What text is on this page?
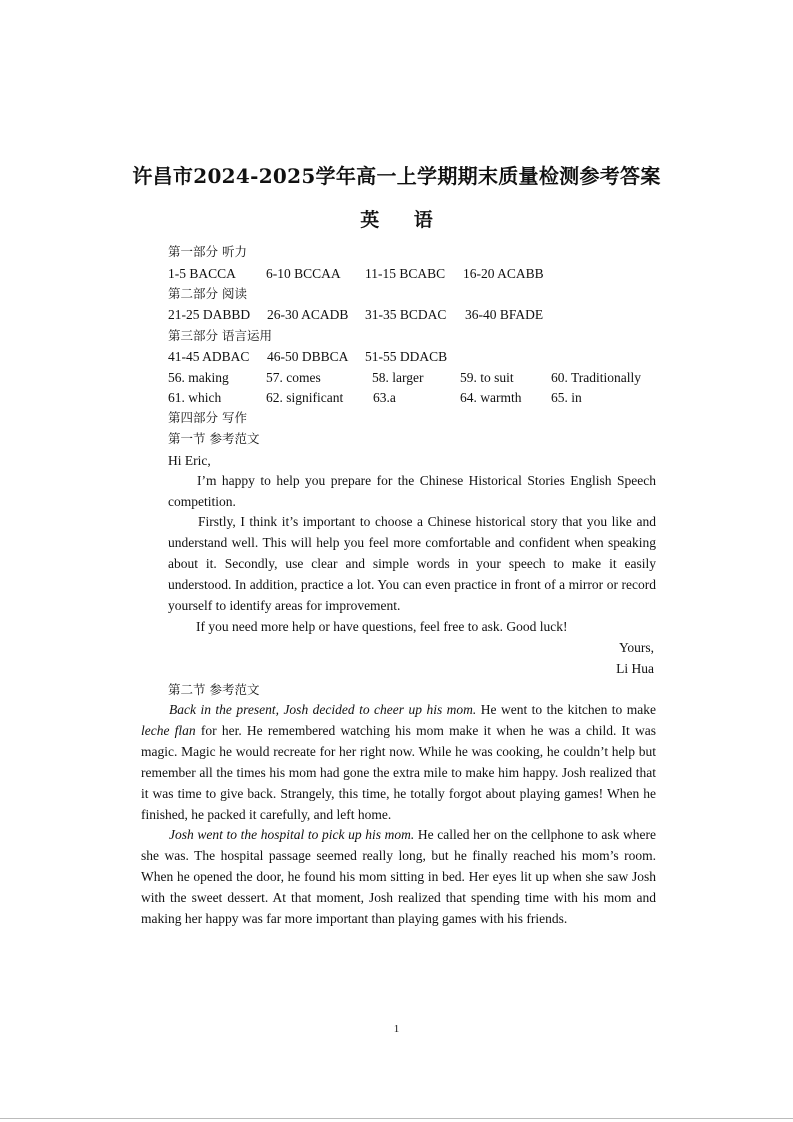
许昌市2024-2025学年高一上学期期末质量检测参考答案
英 语
第一部分 听力
1-5 BACCA 6-10 BCCAA 11-15 BCABC 16-20 ACABB
第二部分 阅读
21-25 DABBD 26-30 ACADB 31-35 BCDAC 36-40 BFADE
第三部分 语言运用
41-45 ADBAC 46-50 DBBCA 51-55 DDACB
56. making	57. comes	58. larger	59. to suit	60. Traditionally
61. which	62. significant 63.a	64. warmth 65. in
第四部分 写作
第一节 参考范文
Hi Eric,
I’m happy to help you prepare for the Chinese Historical Stories English Speech competition.
Firstly, I think it’s important to choose a Chinese historical story that you like and understand well. This will help you feel more comfortable and confident when speaking about it. Secondly, use clear and simple words in your speech to make it easily understood. In addition, practice a lot. You can even practice in front of a mirror or record yourself to identify areas for improvement.
If you need more help or have questions, feel free to ask. Good luck!
Yours,
Li Hua
第二节 参考范文
Back in the present, Josh decided to cheer up his mom. He went to the kitchen to make leche flan for her. He remembered watching his mom make it when he was a child. It was magic. Magic he would recreate for her right now. While he was cooking, he couldn’t help but remember all the times his mom had gone the extra mile to make him happy. Josh realized that it was time to give back. Strangely, this time, he totally forgot about playing games! When he finished, he packed it carefully, and left home.
Josh went to the hospital to pick up his mom. He called her on the cellphone to ask where she was. The hospital passage seemed really long, but he finally reached his mom’s room. When he opened the door, he found his mom sitting in bed. Her eyes lit up when she saw Josh with the sweet dessert. At that moment, Josh realized that spending time with his mom and making her happy was far more important than playing games with his friends.
1
